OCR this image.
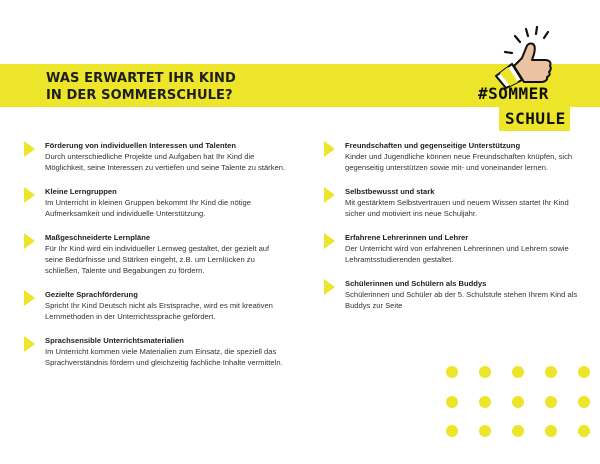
WAS ERWARTET IHR KIND
IN DER SOMMERSCHULE?	#SOMMER
SCHULE
Förderung von individuellen Interessen und Talenten
Durch unterschiedliche Projekte und Aufgaben hat Ihr Kind die Möglichkeit, seine Interessen zu vertiefen und seine Talente zu stärken.
Kleine Lerngruppen
Im Unterricht in kleinen Gruppen bekommt Ihr Kind die nötige Aufmerksamkeit und individuelle Unterstützung.
Maßgeschneiderte Lernpläne
Für Ihr Kind wird ein individueller Lernweg gestaltet, der gezielt auf seine Bedürfnisse und Stärken eingeht, z.B. um Lernlücken zu schließen, Talente und Begabungen zu fördern.
Gezielte Sprachförderung
Spricht Ihr Kind Deutsch nicht als Erstsprache, wird es mit kreativen Lernmethoden in der Unterrichtssprache gefördert.
Sprachsensible Unterrichtsmaterialien
Im Unterricht kommen viele Materialien zum Einsatz, die speziell das Sprachverständnis fördern und gleichzeitig fachliche Inhalte vermitteln.
Freundschaften und gegenseitige Unterstützung
Kinder und Jugendliche können neue Freundschaften knüpfen, sich gegenseitig unterstützen sowie mit- und voneinander lernen.
Selbstbewusst und stark
Mit gestärktem Selbstvertrauen und neuem Wissen startet Ihr Kind sicher und motiviert ins neue Schuljahr.
Erfahrene Lehrerinnen und Lehrer
Der Unterricht wird von erfahrenen Lehrerinnen und Lehrern sowie Lehramtsstudierenden gestaltet.
Schülerinnen und Schülern als Buddys
Schülerinnen und Schüler ab der 5. Schulstufe stehen Ihrem Kind als Buddys zur Seite
